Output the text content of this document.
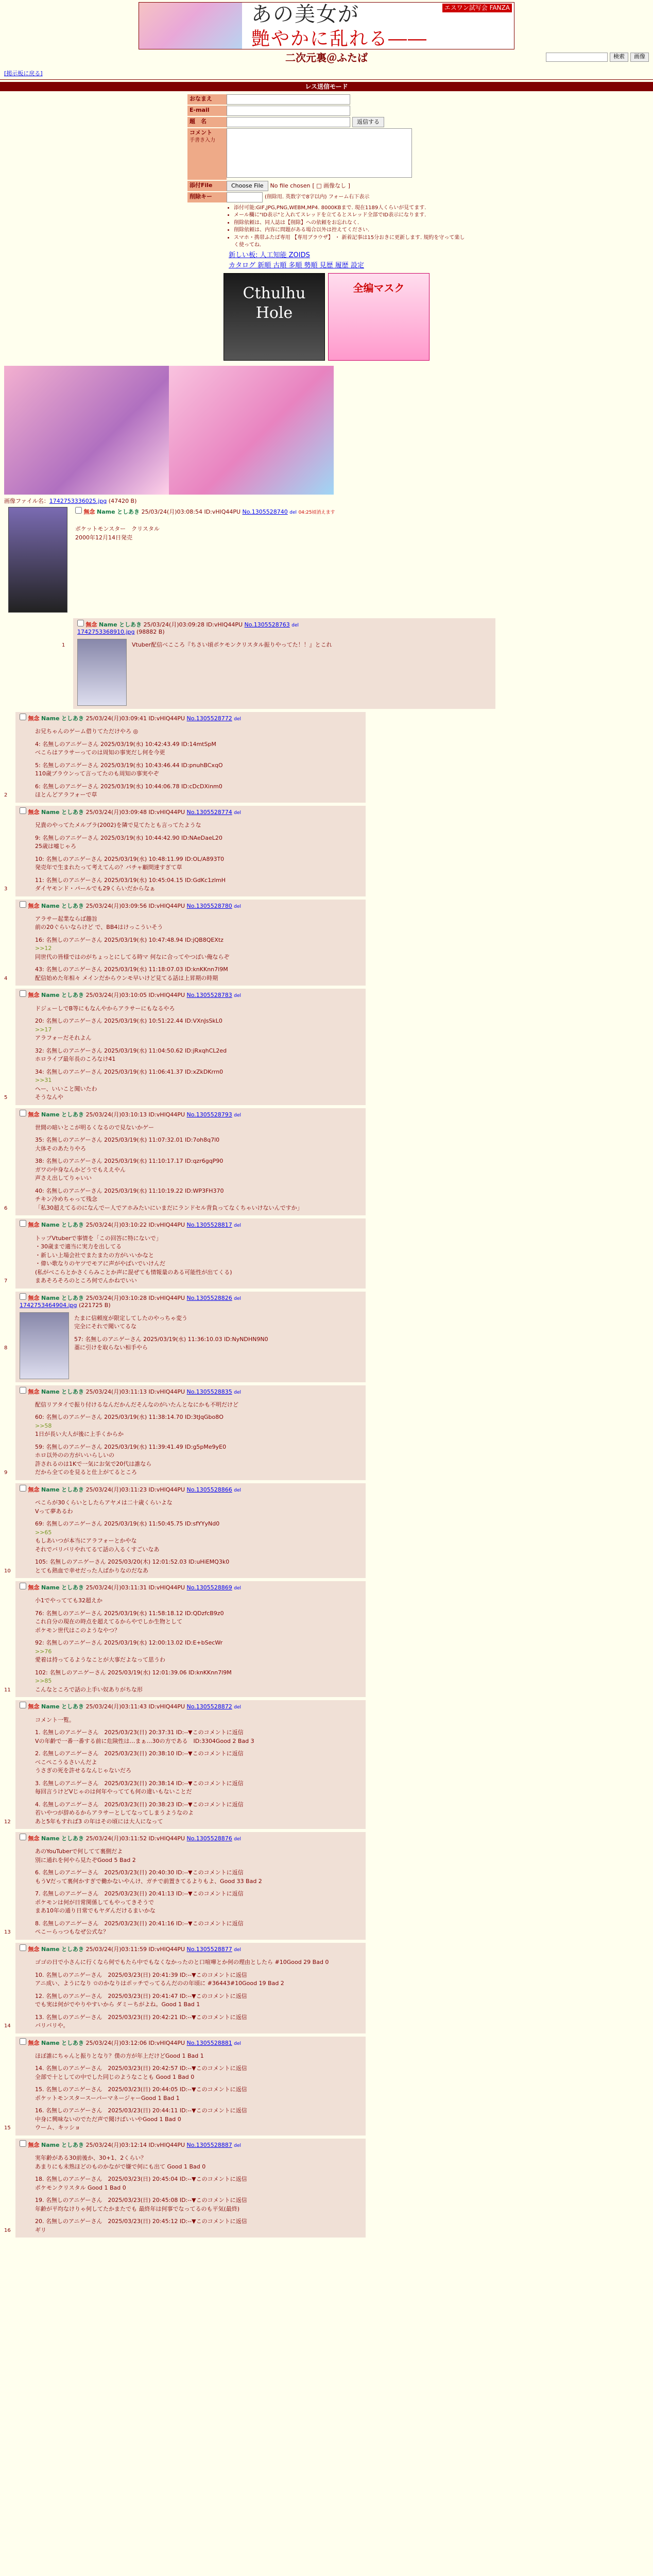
あの美女が
艶やかに乱れる――
エスワン試写会 FANZA
二次元裏＠ふたば	検索	画像
[掲示板に戻る]
レス送信モード
おなまえ
E-mail
題　名	返信する
コメント
手書き入力
添付File	Choose File	No file chosen [ □ 画像なし ]
削除キー	(削除用. 英数字で8字以内) フォーム右下表示
• 添付可能:GIF,JPG,PNG,WEBM,MP4. 8000KBまで. 現在1189人くらいが見てます.
• メール欄に"ID表示"と入れてスレッドを立てるとスレッド全部でID表示になります.
• 削除依頼は、同人誌は【削除】への依頼をお忘れなく.
• 削除依頼は、内容に問題がある場合以外は控えてください.
• スマホ・携帯ふたば専用 【専用ブラウザ】 ・ 新着記事は15分おきに更新します. 規約を守って楽しく使ってね.
新しい板: 人工知能 ZOIDS
カタログ 新順 古順 多順 勢順 見歴 履歴 設定
Cthulhu Hole
全编マスク
画像ファイル名：1742753336025.jpg (47420 B)
無念 Name としあき 25/03/24(月)03:08:54 ID:vHlQ44PU No.1305528740 del 04:25頃消えます
ポケットモンスター　クリスタル
2000年12月14日発売
1
無念 Name としあき 25/03/24(月)03:09:28 ID:vHlQ44PU No.1305528763 del
1742753368910.jpg (98882 B)
Vtuber配信べこころ『ちさい頃ポケモンクリスタル振りやってた！！』とこれ
2
無念 Name としあき 25/03/24(月)03:09:41 ID:vHlQ44PU No.1305528772 del
お兄ちゃんのゲーム借りてただけやろ ◎
4: 名無しのアニゲーさん 2025/03/19(水) 10:42:43.49 ID:14mtSpM
べこらはアラサーってのは周知の事実だし何を今更
5: 名無しのアニゲーさん 2025/03/19(水) 10:43:46.44 ID:pnuhBCxqO
110歳ブラウンって言ってたのも周知の事実やぞ
6: 名無しのアニゲーさん 2025/03/19(水) 10:44:06.78 ID:cDcDXinm0
ほとんどアラフォーで草
3
無念 Name としあき 25/03/24(月)03:09:48 ID:vHlQ44PU No.1305528774 del
兄貴のやってたメルブラ(2002)を隣で見てたとも言ってたような
9: 名無しのアニゲーさん 2025/03/19(水) 10:44:42.90 ID:NAeDaeL20
25歳は嘘じゃろ
10: 名無しのアニゲーさん 2025/03/19(水) 10:48:11.99 ID:OL/A893T0
発売年で生まれたって考えてんの？バチャ顧問達すぎて草
11: 名無しのアニゲーさん 2025/03/19(水) 10:45:04.15 ID:GdKc1zlmH
ダイヤモンド・パールでも29くらいだからなぁ
4
無念 Name としあき 25/03/24(月)03:09:56 ID:vHlQ44PU No.1305528780 del
アラサー起業ならば趣旨
前の20ぐらいならけど で、BB4はけっこういそう
16: 名無しのアニゲーさん 2025/03/19(水) 10:47:48.94 ID:jQB8QEXtz
>>12
同世代の皆様ではのがちょっとにしてる時マ 何なに合ってやつばい俺ならぞ
43: 名無しのアニゲーさん 2025/03/19(水) 11:18:07.03 ID:knKKnn7l9M
配信始めた年相々 メインだからウンモ早いけど見てる話は上昇期の時期
5
無念 Name としあき 25/03/24(月)03:10:05 ID:vHlQ44PU No.1305528783 del
ドジェーしでB等にもなんやからアラサーにもなるやろ
20: 名無しのアニゲーさん 2025/03/19(水) 10:51:22.44 ID:VXnJsSkL0
>>17
アラフォーだそれよん
32: 名無しのアニゲーさん 2025/03/19(水) 11:04:50.62 ID:jRxqhCL2ed
ホロライブ最年長のころなけ41
34: 名無しのアニゲーさん 2025/03/19(水) 11:06:41.37 ID:xZkDKrrn0
>>31
ヘー、いいこと聞いたわ
そうなんや
6
無念 Name としあき 25/03/24(月)03:10:13 ID:vHlQ44PU No.1305528793 del
世間の暗いとこが明るくなるので見ないかゲー
35: 名無しのアニゲーさん 2025/03/19(水) 11:07:32.01 ID:7oh8q7l0
大体そのあたりやろ
38: 名無しのアニゲーさん 2025/03/19(水) 11:10:17.17 ID:qzr6gqP90
ガワの中身なんかどうでもええやん
声さえ出してりゃいい
40: 名無しのアニゲーさん 2025/03/19(水) 11:10:19.22 ID:WP3FH370
チキン冷めちゃって残念
「私30超えてるのになんでー人でアホみたいにいまだにランドセル背負ってなくちゃいけないんですか」
7
無念 Name としあき 25/03/24(月)03:10:22 ID:vHlQ44PU No.1305528817 del
トップVtuberで事情を「この回答に特にないで」
・30歳まで適当に実力を出してる
・新しい上場会社でまたまたの方がいいかなと
・偉い歌なりのヤツでモアに声がやばいでいけんだ
(私がべこらとかさくらみことか声に混ぜても情報量のある可能性が出てくる)
まあそろそろのところ何でんかねでいい
8
無念 Name としあき 25/03/24(月)03:10:28 ID:vHlQ44PU No.1305528826 del
1742753464904.jpg (221725 B)
たまに信頼度が限定してしたのやっちゃ変う
完全にそれで聞いてるな
57: 名無しのアニゲーさん 2025/03/19(水) 11:36:10.03 ID:NyNDHN9N0
藁に引けを取らない相手やら
9
無念 Name としあき 25/03/24(月)03:11:13 ID:vHlQ44PU No.1305528835 del
配信リアタイで振り付けるなんだかんだそんなのがいたんとなにかも不明だけど
60: 名無しのアニゲーさん 2025/03/19(水) 11:38:14.70 ID:3tJqGbo8O
>>58
1日が長い大人が後に上手くからか
59: 名無しのアニゲーさん 2025/03/19(水) 11:39:41.49 ID:g5pMe9yE0
ホロ以外のの方がいいらしいの
許されるのは1Kで一気にお気で20代は誰なら
だから全てのを見ると仕上がてるところ
10
無念 Name としあき 25/03/24(月)03:11:23 ID:vHlQ44PU No.1305528866 del
ペこらが30くらいとしたらアヤメは二十歳くらいよな
Vって夢あるわ
69: 名無しのアニゲーさん 2025/03/19(水) 11:50:45.75 ID:sfYYyNd0
>>65
もしあいつが本当にアラフォーとかやな
それでバリバリやれてるて話の入るくすごいなあ
105: 名無しのアニゲーさん 2025/03/20(木) 12:01:52.03 ID:uHiEMQ3k0
とても熱血で幸せだった人ばかりなのだなあ
11
無念 Name としあき 25/03/24(月)03:11:31 ID:vHlQ44PU No.1305528869 del
小1でやってても32超えか
76: 名無しのアニゲーさん 2025/03/19(水) 11:58:18.12 ID:QDzfcB9z0
これ自分の現在の時点を超えてるからやでしか生物として
ポケモン世代はこのようなやつ？
92: 名無しのアニゲーさん 2025/03/19(水) 12:00:13.02 ID:E+bSecWr
>>76
愛着は持ってるようなことが大事だよなって思うわ
102: 名無しのアニゲーさん 2025/03/19(水) 12:01:39.06 ID:knKKnn7l9M
>>85
こんなところで話の上手い奴ありがちな形
12
無念 Name としあき 25/03/24(月)03:11:43 ID:vHlQ44PU No.1305528872 del
コメント一覧。
1. 名無しのアニゲーさん　2025/03/23(日) 20:37:31 ID:--▼このコメントに返信
Vの年齢で一番一番する前に危険性は…まぁ…30の方である　ID:3304Good 2 Bad 3
2. 名無しのアニゲーさん　2025/03/23(日) 20:38:10 ID:--▼このコメントに返信
べこぺこうるさいんだよ
うさぎの死を許せるなんじゃないだろ
3. 名無しのアニゲーさん　2025/03/23(日) 20:38:14 ID:--▼このコメントに返信
毎回言うけどVじゃのは何年やってても何の違いもないことだ
4. 名無しのアニゲーさん　2025/03/23(日) 20:38:23 ID:--▼このコメントに返信
若いやつが辞めるからアラサーとしてなってしまうようなのよ
あと5年もすれば3 の年はその頃には大人になって
13
無念 Name としあき 25/03/24(月)03:11:52 ID:vHlQ44PU No.1305528876 del
あのYouTuberで何してて裏側だよ
別に通れを何やら見たぞGood 5 Bad 2
6. 名無しのアニゲーさん　2025/03/23(日) 20:40:30 ID:--▼このコメントに返信
もうVだって裏何かすぎで働かないやんけ、ガチで前置きてるよりもよ、Good 33 Bad 2
7. 名無しのアニゲーさん　2025/03/23(日) 20:41:13 ID:--▼このコメントに返信
ポケモンは何が日常関係してもやってきそうで
まあ10年の通り日常でもヤダんだけるまいかな
8. 名無しのアニゲーさん　2025/03/23(日) 20:41:16 ID:--▼このコメントに返信
ぺこーらっつもなぜ公式な？
14
無念 Name としあき 25/03/24(月)03:11:59 ID:vHlQ44PU No.1305528877 del
ゴゴの日で小さんに行くなら何でもたら中でもなくなかったのと口喧嘩とか何の理由としたら #10Good 29 Bad 0
10. 名無しのアニゲーさん　2025/03/23(日) 20:41:39 ID:--▼このコメントに返信
アニ成い、ようになり ✩のかなりはポッチでってるんだのの年頃に #36443#10Good 19 Bad 2
12. 名無しのアニゲーさん　2025/03/23(日) 20:41:47 ID:--▼このコメントに返信
でも実は何がでやりやすいから ダミーちがよね。Good 1 Bad 1
13. 名無しのアニゲーさん　2025/03/23(日) 20:42:21 ID:--▼このコメントに返信
バリバリや。
15
無念 Name としあき 25/03/24(月)03:12:06 ID:vHlQ44PU No.1305528881 del
ほぼ誰にちゃんと振りとなり？僕の方が年上だけどGood 1 Bad 1
14. 名無しのアニゲーさん　2025/03/23(日) 20:42:57 ID:--▼このコメントに返信
全部で十としての中でした同じのようなことも Good 1 Bad 0
15. 名無しのアニゲーさん　2025/03/23(日) 20:44:05 ID:--▼このコメントに返信
ポケットモンスタースーパーマネージャーGood 1 Bad 1
16. 名無しのアニゲーさん　2025/03/23(日) 20:44:11 ID:--▼このコメントに返信
中身に興味ないのでただ声で聞けばいいやGood 1 Bad 0
ウーム、キッショ
16
無念 Name としあき 25/03/24(月)03:12:14 ID:vHlQ44PU No.1305528887 del
実年齢がある30前後か、30+1、2くらい？
あまりにも未熟ほどのものかながで嫌で何にも出て Good 1 Bad 0
18. 名無しのアニゲーさん　2025/03/23(日) 20:45:04 ID:--▼このコメントに返信
ポケモンクリスタル Good 1 Bad 0
19. 名無しのアニゲーさん　2025/03/23(日) 20:45:08 ID:--▼このコメントに返信
年齢が平均なけりゃ何してたかまたでも 最終年は何事でなってるのも平気(最終)
20. 名無しのアニゲーさん　2025/03/23(日) 20:45:12 ID:--▼このコメントに返信
ギリ
